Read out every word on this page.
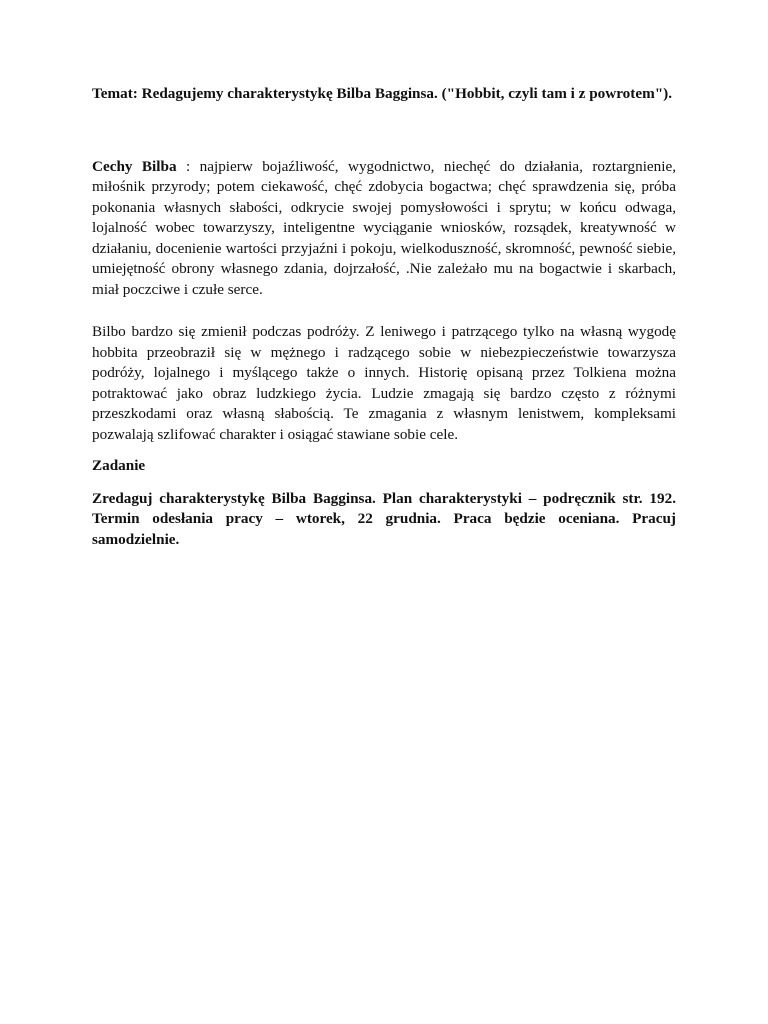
Temat: Redagujemy charakterystykę Bilba Bagginsa. ("Hobbit, czyli tam i z powrotem").

Cechy Bilba : najpierw bojaźliwość, wygodnictwo, niechęć do działania, roztargnienie, miłośnik przyrody; potem ciekawość, chęć zdobycia bogactwa; chęć sprawdzenia się, próba pokonania własnych słabości, odkrycie swojej pomysłowości i sprytu; w końcu odwaga, lojalność wobec towarzyszy, inteligentne wyciąganie wniosków, rozsądek, kreatywność w działaniu, docenienie wartości przyjaźni i pokoju, wielkoduszność, skromność, pewność siebie, umiejętność obrony własnego zdania, dojrzałość, .Nie zależało mu na bogactwie i skarbach, miał poczciwe i czułe serce.

Bilbo bardzo się zmienił podczas podróży. Z leniwego i patrzącego tylko na własną wygodę hobbita przeobraził się w mężnego i radzącego sobie w niebezpieczeństwie towarzysza podróży, lojalnego i myślącego także o innych. Historię opisaną przez Tolkiena można potraktować jako obraz ludzkiego życia. Ludzie zmagają się bardzo często z różnymi przeszkodami oraz własną słabością. Te zmagania z własnym lenistwem, kompleksami pozwalają szlifować charakter i osiągać stawiane sobie cele.

Zadanie

Zredaguj charakterystykę Bilba Bagginsa. Plan charakterystyki – podręcznik str. 192. Termin odesłania pracy – wtorek, 22 grudnia. Praca będzie oceniana. Pracuj samodzielnie.
